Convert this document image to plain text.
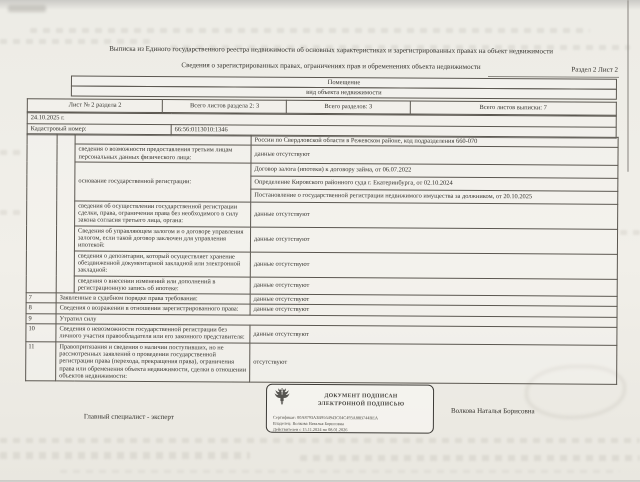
Выписка из Единого государственного реестра недвижимости об основных характеристиках и зарегистрированных правах на объект недвижимости
Сведения о зарегистрированных правах, ограничениях прав и обременениях объекта недвижимости	Раздел 2 Лист 2
Помещение
вид объекта недвижимости
Лист № 2 раздела 2	Всего листов раздела 2: 3	Всего разделов: 3	Всего листов выписки: 7
24.10.2025 г.
Кадастровый номер:	66:56:0113010:1346
			России по Свердловской области в Режевском районе, код подразделения 660-070
		сведения о возможности предоставления третьим лицам персональных данных физического лица:	данные отсутствуют
		основание государственной регистрации:	Договор залога (ипотеки) к договору займа, от 06.07.2022
			Определение Кировского районного суда г. Екатеринбурга, от 02.10.2024
			Постановление о государственной регистрации недвижимого имущества за должником, от 20.10.2025
		сведения об осуществлении государственной регистрации сделки, права, ограничения права без необходимого в силу закона согласия третьего лица, органа:	данные отсутствуют
		Сведения об управляющем залогом и о договоре управления залогом, если такой договор заключен для управления ипотекой:	данные отсутствуют
		сведения о депозитарии, который осуществляет хранение обездвиженной документарной закладной или электронной закладной:	данные отсутствуют
		сведения о внесении изменений или дополнений в регистрационную запись об ипотеке:	данные отсутствуют
7	Заявленные в судебном порядке права требования:		данные отсутствуют
8	Сведения о возражении в отношении зарегистрированного права:		данные отсутствуют
9	Утратил силу		
10	Сведения о невозможности государственной регистрации без личного участия правообладателя или его законного представителя:		данные отсутствуют
11	Правопритязания и сведения о наличии поступивших, но не рассмотренных заявлений о проведении государственной регистрации права (перехода, прекращения права), ограничения права или обременения объекта недвижимости, сделки в отношении объектов недвижимости:		отсутствуют
Главный специалист - эксперт
Волкова Наталья Борисовна
ДОКУМЕНТ ПОДПИСАН
ЭЛЕКТРОННОЙ ПОДПИСЬЮ
Сертификат: 00A8793A3B9564943C04C493A88B744BEA
Владелец: Волкова Наталья Борисовна
Действителен с 15.11.2024 по 08.01.2026
